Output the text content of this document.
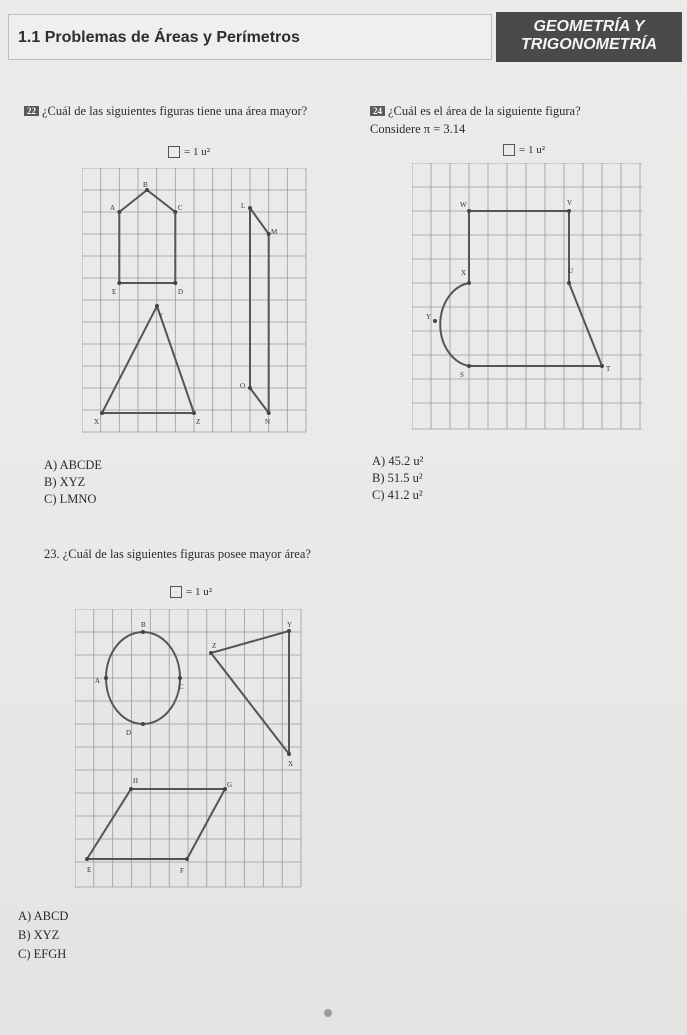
1.1 Problemas de Áreas y Perímetros
GEOMETRÍA Y
TRIGONOMETRÍA
22 ¿Cuál de las siguientes figuras tiene una área mayor?
= 1 u²
A
B
C
D
E
L
M
N
O
X
Y
Z
A) ABCDE
B) XYZ
C) LMNO
24 ¿Cuál es el área de la siguiente figura?
Considere π = 3.14
= 1 u²
W	V
X	U
Y
S
T
A) 45.2 u²
B) 51.5 u²
C) 41.2 u²
23. ¿Cuál de las siguientes figuras posee mayor área?
= 1 u²
B
A
C
D
Y
Z
X
H	G
E	F
A) ABCD
B) XYZ
C) EFGH
